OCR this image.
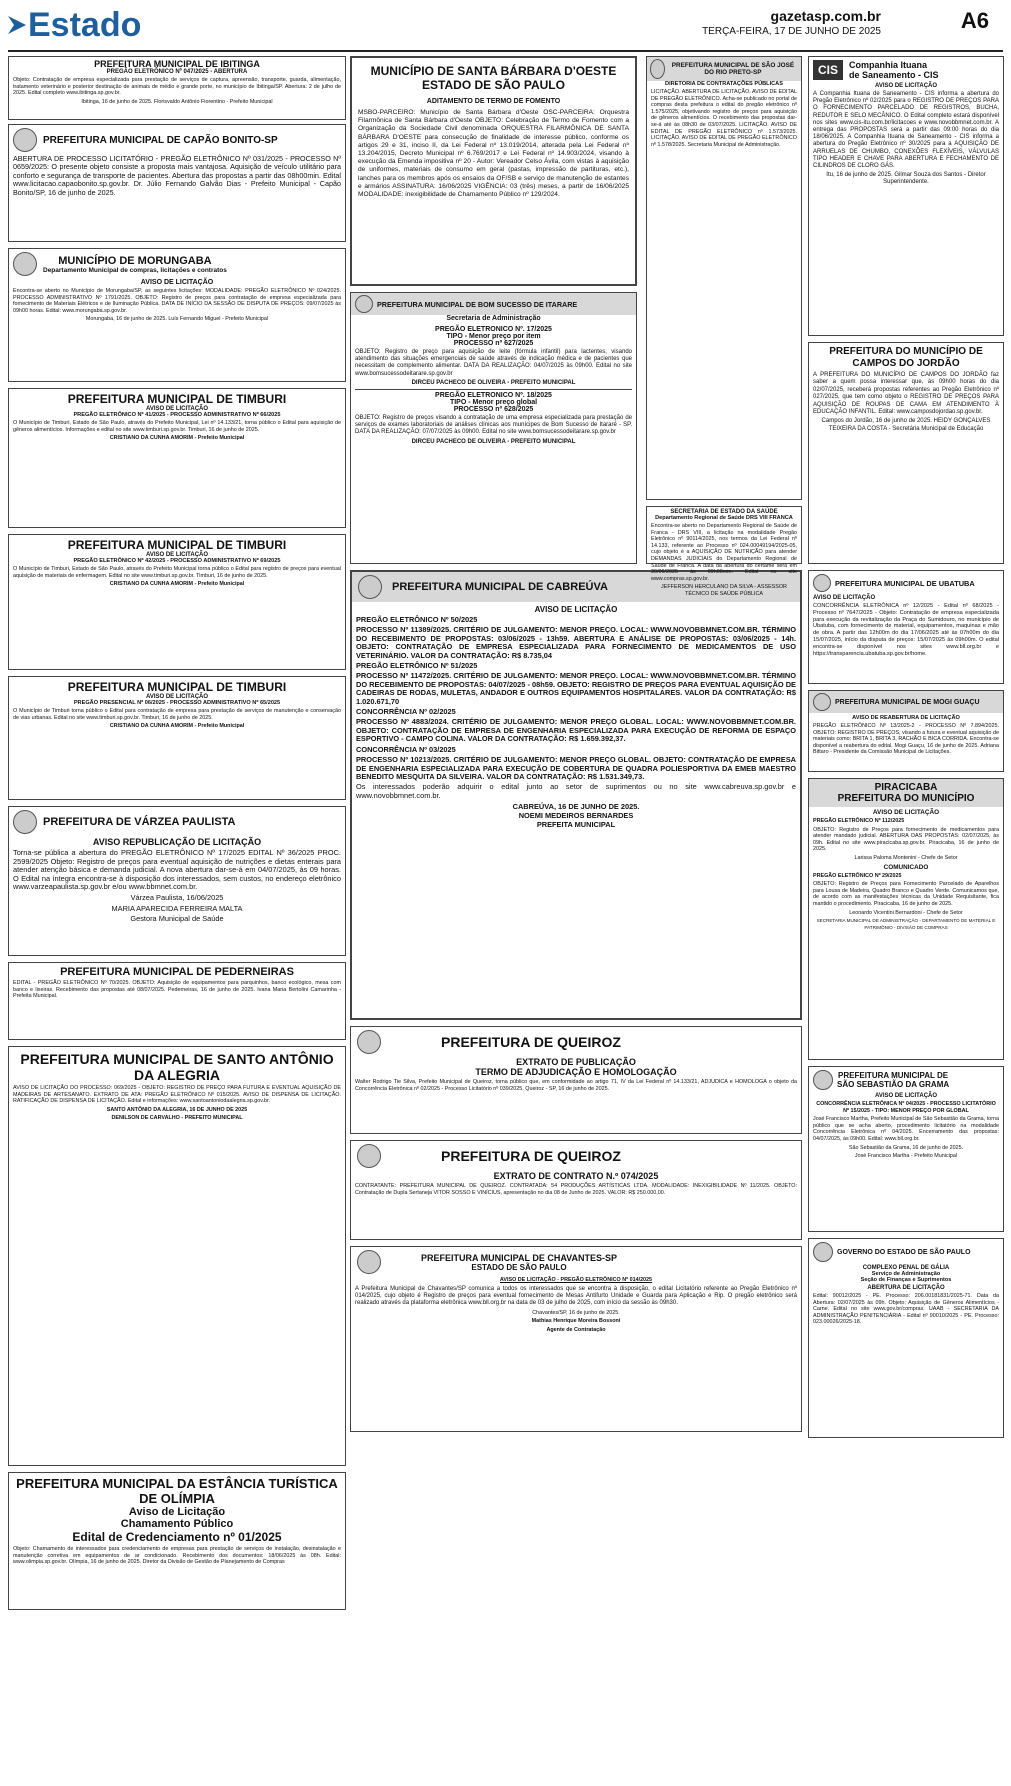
Estado	gazetasp.com.br
TERÇA-FEIRA, 17 DE JUNHO DE 2025	A6

PREFEITURA MUNICIPAL DE IBITINGA

PREGÃO ELETRÔNICO Nº 047/2025 - ABERTURA

Objeto: Contratação de empresa especializada para prestação de serviços de captura, apreensão, transporte, guarda, alimentação, tratamento veterinário e posterior destinação de animais de médio e grande porte, no município de Ibitinga/SP. Abertura: 2 de julho de 2025. Edital completo www.ibitinga.sp.gov.br.

Ibitinga, 16 de junho de 2025. Florisvaldo Antônio Fiorentino - Prefeito Municipal

PREFEITURA MUNICIPAL DE CAPÃO BONITO-SP

ABERTURA DE PROCESSO LICITATÓRIO - PREGÃO ELETRÔNICO Nº 031/2025 - PROCESSO Nº 0659/2025: O presente objeto consiste a proposta mais vantajosa. Aquisição de veículo utilitário para conforto e segurança de transporte de pacientes. Abertura das propostas a partir das 08h00min. Edital www.licitacao.capaobonito.sp.gov.br. Dr. Júlio Fernando Galvão Dias - Prefeito Municipal - Capão Bonito/SP, 16 de junho de 2025.

MUNICÍPIO DE MORUNGABA

Departamento Municipal de compras, licitações e contratos

AVISO DE LICITAÇÃO

Encontra-se aberto no Município de Morungaba/SP, as seguintes licitações: MODALIDADE: PREGÃO ELETRÔNICO Nº 024/2025. PROCESSO ADMINISTRATIVO Nº 1791/2025. OBJETO: Registro de preços para contratação de empresa especializada para fornecimento de Materiais Elétricos e de Iluminação Pública. DATA DE INÍCIO DA SESSÃO DE DISPUTA DE PREÇOS: 09/07/2025 às 09h00 horas. Edital: www.morungaba.sp.gov.br.

Morungaba, 16 de junho de 2025. Luís Fernando Miguel - Prefeito Municipal

PREFEITURA MUNICIPAL DE TIMBURI

AVISO DE LICITAÇÃO

PREGÃO ELETRÔNICO Nº 41/2025 - PROCESSO ADMINISTRATIVO Nº 66/2025

O Município de Timburi, Estado de São Paulo, através do Prefeito Municipal, Lei nº 14.133/21, torna público o Edital para aquisição de gêneros alimentícios. Informações e edital no site www.timburi.sp.gov.br. Timburi, 16 de junho de 2025.

CRISTIANO DA CUNHA AMORIM - Prefeito Municipal

PREFEITURA MUNICIPAL DE TIMBURI

AVISO DE LICITAÇÃO

PREGÃO ELETRÔNICO Nº 42/2025 - PROCESSO ADMINISTRATIVO Nº 69/2025

O Município de Timburi, Estado de São Paulo, através do Prefeito Municipal torna público o Edital para registro de preços para eventual aquisição de materiais de enfermagem. Edital no site www.timburi.sp.gov.br. Timburi, 16 de junho de 2025.

CRISTIANO DA CUNHA AMORIM - Prefeito Municipal

PREFEITURA MUNICIPAL DE TIMBURI

AVISO DE LICITAÇÃO

PREGÃO PRESENCIAL Nº 06/2025 - PROCESSO ADMINISTRATIVO Nº 65/2025

O Município de Timburi torna público o Edital para contratação de empresa para prestação de serviços de manutenção e conservação de vias urbanas. Edital no site www.timburi.sp.gov.br. Timburi, 16 de junho de 2025.

CRISTIANO DA CUNHA AMORIM - Prefeito Municipal

PREFEITURA DE VÁRZEA PAULISTA

AVISO REPUBLICAÇÃO DE LICITAÇÃO

Torna-se pública a abertura do PREGÃO ELETRÔNICO Nº 17/2025 EDITAL Nº 36/2025 PROC. 2599/2025 Objeto: Registro de preços para eventual aquisição de nutrições e dietas enterais para atender atenção básica e demanda judicial. A nova abertura dar-se-á em 04/07/2025, às 09 horas. O Edital na íntegra encontra-se à disposição dos interessados, sem custos, no endereço eletrônico www.varzeapaulista.sp.gov.br e/ou www.bbmnet.com.br.

Várzea Paulista, 16/06/2025

MARIA APARECIDA FERREIRA MALTA

Gestora Municipal de Saúde

PREFEITURA MUNICIPAL DE PEDERNEIRAS

EDITAL - PREGÃO ELETRÔNICO Nº 70/2025. OBJETO: Aquisição de equipamentos para parquinhos, banco ecológico, mesa com banco e lixeiras. Recebimento das propostas até 08/07/2025. Pederneiras, 16 de junho de 2025. Ivana Maria Bertolini Camarinha - Prefeita Municipal.

PREFEITURA MUNICIPAL DE SANTO ANTÔNIO DA ALEGRIA

AVISO DE LICITAÇÃO DO PROCESSO: 069/2025 - OBJETO: REGISTRO DE PREÇO PARA FUTURA E EVENTUAL AQUISIÇÃO DE MADEIRAS DE ARTESANATO. EXTRATO DE ATA: PREGÃO ELETRÔNICO Nº 015/2025. AVISO DE DISPENSA DE LICITAÇÃO. RATIFICAÇÃO DE DISPENSA DE LICITAÇÃO. Edital e informações: www.santoantoniodaalegria.sp.gov.br.

SANTO ANTÔNIO DA ALEGRIA, 16 DE JUNHO DE 2025

DENILSON DE CARVALHO - PREFEITO MUNICIPAL

PREFEITURA MUNICIPAL DA ESTÂNCIA TURÍSTICA DE OLÍMPIA

Aviso de Licitação

Chamamento Público

Edital de Credenciamento nº 01/2025

Objeto: Chamamento de interessados para credenciamento de empresas para prestação de serviços de instalação, desinstalação e manutenção corretiva em equipamentos de ar condicionado. Recebimento dos documentos: 18/06/2025 às 08h. Edital: www.olimpia.sp.gov.br. Olímpia, 16 de junho de 2025. Diretor da Divisão de Gestão de Planejamento de Compras

MUNICÍPIO DE SANTA BÁRBARA D'OESTE

ESTADO DE SÃO PAULO

ADITAMENTO DE TERMO DE FOMENTO

MSBO-PARCEIRO: Município de Santa Bárbara d'Oeste OSC-PARCEIRA: Orquestra Filarmônica de Santa Bárbara d'Oeste OBJETO: Celebração de Termo de Fomento com a Organização da Sociedade Civil denominada ORQUESTRA FILARMÔNICA DE SANTA BÁRBARA D'OESTE para consecução de finalidade de interesse público, conforme os artigos 29 e 31, inciso II, da Lei Federal nº 13.019/2014, alterada pela Lei Federal nº 13.204/2015, Decreto Municipal nº 6.769/2017 e Lei Federal nº 14.903/2024, visando à execução da Emenda impositiva nº 20 - Autor: Vereador Celso Ávila, com vistas à aquisição de uniformes, materiais de consumo em geral (pastas, impressão de partituras, etc.), lanches para os membros após os ensaios da OF/SB e serviço de manutenção de estantes e armários ASSINATURA: 16/06/2025 VIGÊNCIA: 03 (três) meses, a partir de 16/06/2025 MODALIDADE: inexigibilidade de Chamamento Público nº 129/2024.

PREFEITURA MUNICIPAL DE BOM SUCESSO DE ITARARE

Secretaria de Administração

PREGÃO ELETRONICO Nº. 17/2025

TIPO - Menor preço por item

PROCESSO nº 627/2025

OBJETO: Registro de preço para aquisição de leite (fórmula infantil) para lactentes, visando atendimento das situações emergenciais de saúde através de indicação médica e de pacientes que necessitam de complemento alimentar. DATA DA REALIZAÇÃO: 04/07/2025 às 09h00. Edital no site www.bomsucessodeitarare.sp.gov.br

DIRCEU PACHECO DE OLIVEIRA - PREFEITO MUNICIPAL

PREGÃO ELETRONICO Nº. 18/2025

TIPO - Menor preço global

PROCESSO nº 628/2025

OBJETO: Registro de preços visando a contratação de uma empresa especializada para prestação de serviços de exames laboratoriais de análises clínicas aos munícipes de Bom Sucesso de Itararé - SP. DATA DA REALIZAÇÃO: 07/07/2025 às 09h00. Edital no site www.bomsucessodeitarare.sp.gov.br

DIRCEU PACHECO DE OLIVEIRA - PREFEITO MUNICIPAL

PREFEITURA MUNICIPAL DE CABREÚVA

AVISO DE LICITAÇÃO

PREGÃO ELETRÔNICO Nº 50/2025

PROCESSO Nº 11389/2025. CRITÉRIO DE JULGAMENTO: MENOR PREÇO. LOCAL: WWW.NOVOBBMNET.COM.BR. TÉRMINO DO RECEBIMENTO DE PROPOSTAS: 03/06/2025 - 13h59. ABERTURA E ANÁLISE DE PROPOSTAS: 03/06/2025 - 14h. OBJETO: CONTRATAÇÃO DE EMPRESA ESPECIALIZADA PARA FORNECIMENTO DE MEDICAMENTOS DE USO VETERINÁRIO. VALOR DA CONTRATAÇÃO: R$ 8.735,04

PREGÃO ELETRÔNICO Nº 51/2025

PROCESSO Nº 11472/2025. CRITÉRIO DE JULGAMENTO: MENOR PREÇO. LOCAL: WWW.NOVOBBMNET.COM.BR. TÉRMINO DO RECEBIMENTO DE PROPOSTAS: 04/07/2025 - 08h59. OBJETO: REGISTRO DE PREÇOS PARA EVENTUAL AQUISIÇÃO DE CADEIRAS DE RODAS, MULETAS, ANDADOR E OUTROS EQUIPAMENTOS HOSPITALARES. VALOR DA CONTRATAÇÃO: R$ 1.020.671,70

CONCORRÊNCIA Nº 02/2025

PROCESSO Nº 4883/2024. CRITÉRIO DE JULGAMENTO: MENOR PREÇO GLOBAL. LOCAL: WWW.NOVOBBMNET.COM.BR. OBJETO: CONTRATAÇÃO DE EMPRESA DE ENGENHARIA ESPECIALIZADA PARA EXECUÇÃO DE REFORMA DE ESPAÇO ESPORTIVO - CAMPO COLINA. VALOR DA CONTRATAÇÃO: R$ 1.659.392,37.

CONCORRÊNCIA Nº 03/2025

PROCESSO Nº 10213/2025. CRITÉRIO DE JULGAMENTO: MENOR PREÇO GLOBAL. OBJETO: CONTRATAÇÃO DE EMPRESA DE ENGENHARIA ESPECIALIZADA PARA EXECUÇÃO DE COBERTURA DE QUADRA POLIESPORTIVA DA EMEB MAESTRO BENEDITO MESQUITA DA SILVEIRA. VALOR DA CONTRATAÇÃO: R$ 1.531.349,73.

Os interessados poderão adquirir o edital junto ao setor de suprimentos ou no site www.cabreuva.sp.gov.br e www.novobbmnet.com.br.

CABREÚVA, 16 DE JUNHO DE 2025.

NOEMI MEDEIROS BERNARDES

PREFEITA MUNICIPAL

PREFEITURA DE QUEIROZ

EXTRATO DE PUBLICAÇÃO

TERMO DE ADJUDICAÇÃO E HOMOLOGAÇÃO

Walter Rodrigo Tie Silva, Prefeito Municipal de Queiroz, torna público que, em conformidade ao artigo 71, IV da Lei Federal nº 14.133/21, ADJUDICA e HOMOLOGA o objeto da Concorrência Eletrônica nº 02/2025 - Processo Licitatório nº 039/2025. Queiroz - SP, 16 de junho de 2025.

PREFEITURA DE QUEIROZ

EXTRATO DE CONTRATO N.º 074/2025

CONTRATANTE: PREFEITURA MUNICIPAL DE QUEIROZ. CONTRATADA: 54 PRODUÇÕES ARTÍSTICAS LTDA. MODALIDADE: INEXIGIBILIDADE Nº 11/2025. OBJETO: Contratação de Dupla Sertaneja VITOR SOSSO E VINÍCIUS, apresentação no dia 08 de Junho de 2025. VALOR: R$ 250.000,00.

PREFEITURA MUNICIPAL DE CHAVANTES-SP

ESTADO DE SÃO PAULO

AVISO DE LICITAÇÃO - PREGÃO ELETRÔNICO Nº 014/2025

A Prefeitura Municipal de Chavantes/SP comunica a todos os interessados que se encontra à disposição, o edital Licitatório referente ao Pregão Eletrônico nº 014/2025, cujo objeto é Registro de preços para eventual fornecimento de Mesas Antifurto Unidade e Guarda para Aplicação e Rip. O pregão eletrônico será realizado através da plataforma eletrônica www.bll.org.br na data de 03 de julho de 2025, com início da sessão às 09h30.

Chavantes/SP, 16 de junho de 2025.

Mathias Henrique Moreira Bossoni

Agente de Contratação

PREFEITURA MUNICIPAL DE SÃO JOSÉ DO RIO PRETO-SP

DIRETORIA DE CONTRATAÇÕES PÚBLICAS

LICITAÇÃO. ABERTURA DE LICITAÇÃO. AVISO DE EDITAL DE PREGÃO ELETRÔNICO. Acha-se publicado no portal de compras desta prefeitura o edital do pregão eletrônico nº 1.575/2025, objetivando registro de preços para aquisição de gêneros alimentícios. O recebimento das propostas dar-se-á até às 08h30 de 03/07/2025. LICITAÇÃO. AVISO DE EDITAL DE PREGÃO ELETRÔNICO nº 1.573/2025. LICITAÇÃO. AVISO DE EDITAL DE PREGÃO ELETRÔNICO nº 1.578/2025. Secretaria Municipal de Administração.

SECRETARIA DE ESTADO DA SAÚDE

Departamento Regional de Saúde DRS VIII FRANCA

Encontra-se aberto no Departamento Regional de Saúde de Franca - DRS VIII, a licitação na modalidade Pregão Eletrônico nº 90114/2025, nos termos da Lei Federal nº 14.133, referente ao Processo nº 024.00049194/2025-05, cujo objeto é a AQUISIÇÃO DE NUTRIÇÃO para atender DEMANDAS JUDICIAIS do Departamento Regional de Saúde de Franca. A data da abertura do certame será em 30/06/2025 às 09h00min. Edital no site www.compras.sp.gov.br.

JEFFERSON HERCULANO DA SILVA - ASSESSOR TÉCNICO DE SAÚDE PÚBLICA

CIS	Companhia Ituana

de Saneamento - CIS

AVISO DE LICITAÇÃO

A Companhia Ituana de Saneamento - CIS informa a abertura do Pregão Eletrônico nº 02/2025 para o REGISTRO DE PREÇOS PARA O FORNECIMENTO PARCELADO DE REGISTROS, BUCHA, REDUTOR E SELO MECÂNICO. O Edital completo estará disponível nos sites www.cis-itu.com.br/licitacoes e www.novobbmnet.com.br. A entrega das PROPOSTAS será a partir das 09:00 horas do dia 18/06/2025. A Companhia Ituana de Saneamento - CIS informa a abertura do Pregão Eletrônico nº 30/2025 para a AQUISIÇÃO DE ARRUELAS DE CHUMBO, CONEXÕES FLEXÍVEIS, VÁLVULAS TIPO HEADER E CHAVE PARA ABERTURA E FECHAMENTO DE CILINDROS DE CLORO GÁS.

Itu, 16 de junho de 2025. Gilmar Souza dos Santos - Diretor Superintendente.

PREFEITURA DO MUNICÍPIO DE CAMPOS DO JORDÃO

A PREFEITURA DO MUNICÍPIO DE CAMPOS DO JORDÃO faz saber a quem possa interessar que, às 09h00 horas do dia 02/07/2025, receberá propostas referentes ao Pregão Eletrônico nº 027/2025, que tem como objeto o REGISTRO DE PREÇOS PARA AQUISIÇÃO DE ROUPAS DE CAMA EM ATENDIMENTO À EDUCAÇÃO INFANTIL. Edital: www.camposdojordao.sp.gov.br.

Campos do Jordão, 16 de junho de 2025. HEIDY GONÇALVES TEIXEIRA DA COSTA - Secretária Municipal de Educação

PREFEITURA MUNICIPAL DE UBATUBA

AVISO DE LICITAÇÃO

CONCORRÊNCIA ELETRÔNICA nº 12/2025 - Edital nº 68/2025 - Processo nº 7647/2025 - Objeto: Contratação de empresa especializada para execução da revitalização da Praça do Sumidouro, no município de Ubatuba, com fornecimento de material, equipamentos, maquinas e mão de obra. A partir das 12h00m do dia 17/06/2025 até às 07h00m do dia 15/07/2025, início da disputa de preços: 15/07/2025 às 09h00m. O edital encontra-se disponível nos sites www.bll.org.br e https://transparencia.ubatuba.sp.gov.br/home.

PREFEITURA MUNICIPAL DE MOGI GUAÇU

AVISO DE REABERTURA DE LICITAÇÃO

PREGÃO ELETRÔNICO Nº 13/2025-2 - PROCESSO Nº 7.894/2025. OBJETO: REGISTRO DE PREÇOS, visando a futura e eventual aquisição de materiais como: BRITA 1, BRITA 3, RACHÃO E BICA CORRIDA. Encontra-se disponível a reabertura do edital. Mogi Guaçu, 16 de junho de 2025. Adriana Bittaro - Presidente da Comissão Municipal de Licitações.

PIRACICABA

PREFEITURA DO MUNICÍPIO

AVISO DE LICITAÇÃO

PREGÃO ELETRÔNICO Nº 112/2025

OBJETO: Registro de Preços para fornecimento de medicamentos para atender mandado judicial. ABERTURA DAS PROPOSTAS: 02/07/2025, às 09h. Edital no site www.piracicaba.sp.gov.br. Piracicaba, 16 de junho de 2025.

Larissa Paloma Montenini - Chefe de Setor

COMUNICADO

PREGÃO ELETRÔNICO Nº 29/2025

OBJETO: Registro de Preços para Fornecimento Parcelado de Aparelhos para Lousa de Madeira, Quadro Branco e Quadro Verde. Comunicamos que, de acordo com as manifestações técnicas da Unidade Requisitante, fica mantido o procedimento. Piracicaba, 16 de junho de 2025.

Leonardo Vicentini Bernardoni - Chefe de Setor

SECRETARIA MUNICIPAL DE ADMINISTRAÇÃO - DEPARTAMENTO DE MATERIAL E PATRIMÔNIO - DIVISÃO DE COMPRAS

PREFEITURA MUNICIPAL DE

SÃO SEBASTIÃO DA GRAMA

AVISO DE LICITAÇÃO

CONCORRÊNCIA ELETRÔNICA Nº 04/2025 - PROCESSO LICITATÓRIO Nº 15/2025 - TIPO: MENOR PREÇO POR GLOBAL

José Francisco Martha, Prefeito Municipal de São Sebastião da Grama, torna público que se acha aberto, procedimento licitatório na modalidade Concorrência Eletrônica nº 04/2025. Encerramento das propostas: 04/07/2025, às 09h00. Edital: www.bll.org.br.

São Sebastião da Grama, 16 de junho de 2025.

José Francisco Martha - Prefeito Municipal

GOVERNO DO ESTADO DE SÃO PAULO

COMPLEXO PENAL DE GÁLIA

Serviço de Administração

Seção de Finanças e Suprimentos

ABERTURA DE LICITAÇÃO

Edital: 90012/2025 - PE. Processo: 206.00181831/2025-71. Data da Abertura: 02/07/2025 às 09h. Objeto: Aquisição de Gêneros Alimentícios - Carne. Edital no site www.gov.br/compras. UAAB - SECRETARIA DA ADMINISTRAÇÃO PENITENCIÁRIA - Edital nº 90010/2025 - PE. Processo: 023.00026/2025-18.
